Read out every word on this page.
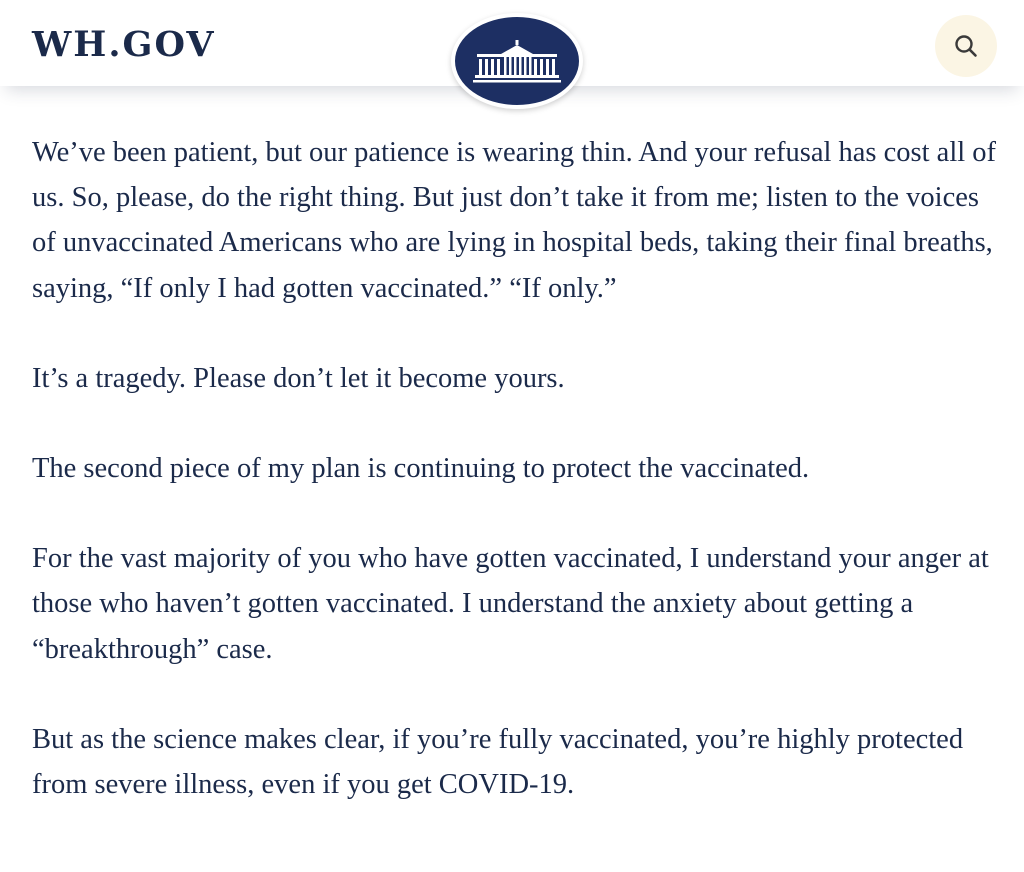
WH.GOV

We’ve been patient, but our patience is wearing thin. And your refusal has cost all of us. So, please, do the right thing. But just don’t take it from me; listen to the voices of unvaccinated Americans who are lying in hospital beds, taking their final breaths, saying, “If only I had gotten vaccinated.” “If only.”

It’s a tragedy. Please don’t let it become yours.

The second piece of my plan is continuing to protect the vaccinated.

For the vast majority of you who have gotten vaccinated, I understand your anger at those who haven’t gotten vaccinated. I understand the anxiety about getting a “breakthrough” case.

But as the science makes clear, if you’re fully vaccinated, you’re highly protected from severe illness, even if you get COVID-19.
